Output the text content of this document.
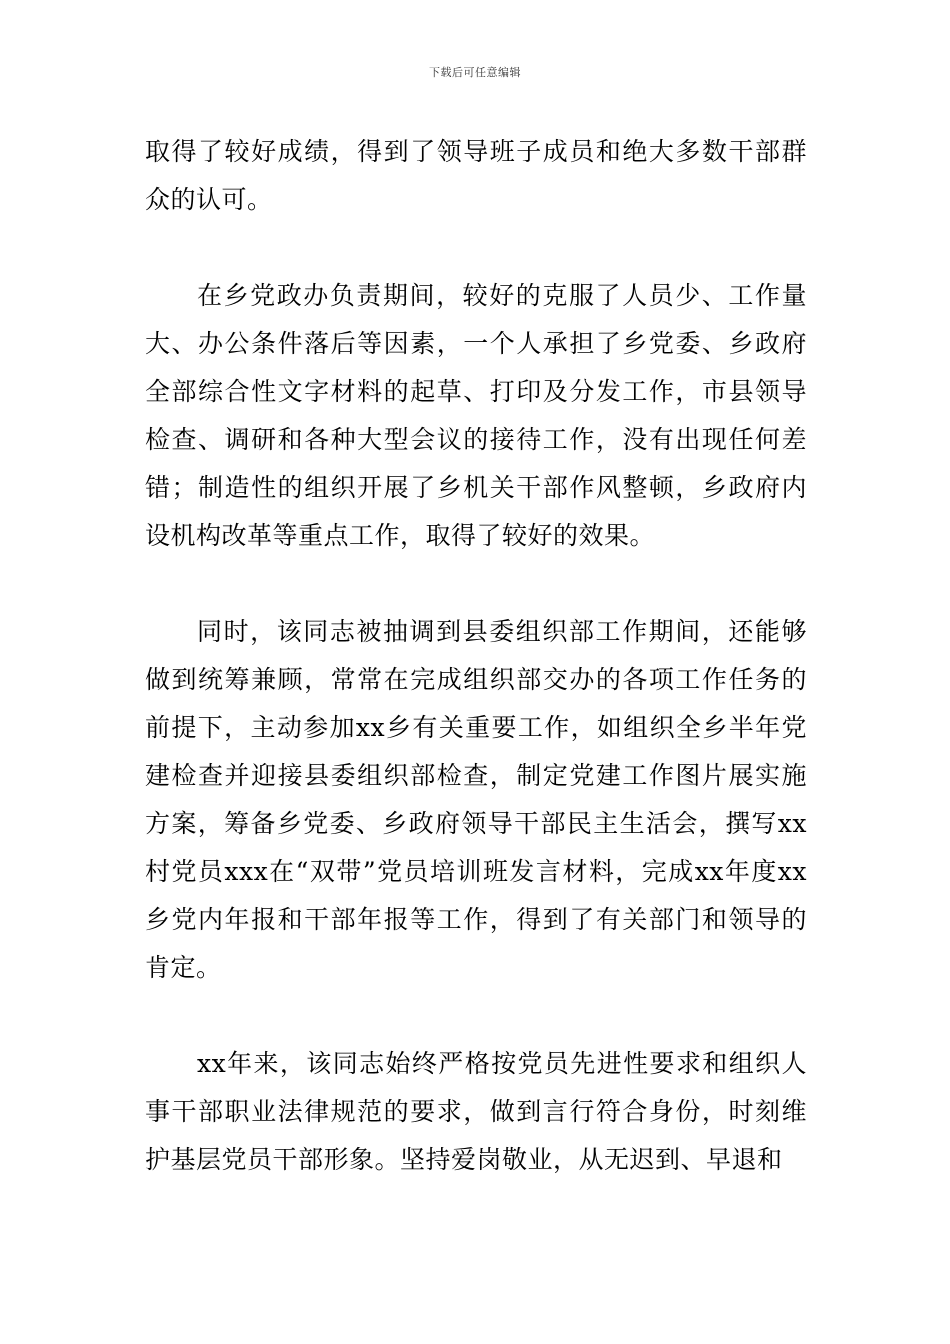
下载后可任意编辑

取得了较好成绩，得到了领导班子成员和绝大多数干部群众的认可。

在乡党政办负责期间，较好的克服了人员少、工作量大、办公条件落后等因素，一个人承担了乡党委、乡政府全部综合性文字材料的起草、打印及分发工作，市县领导检查、调研和各种大型会议的接待工作，没有出现任何差错；制造性的组织开展了乡机关干部作风整顿，乡政府内设机构改革等重点工作，取得了较好的效果。

同时，该同志被抽调到县委组织部工作期间，还能够做到统筹兼顾，常常在完成组织部交办的各项工作任务的前提下，主动参加xx乡有关重要工作，如组织全乡半年党建检查并迎接县委组织部检查，制定党建工作图片展实施方案，筹备乡党委、乡政府领导干部民主生活会，撰写xx村党员xxx在“双带”党员培训班发言材料，完成xx年度xx乡党内年报和干部年报等工作，得到了有关部门和领导的肯定。

xx年来，该同志始终严格按党员先进性要求和组织人事干部职业法律规范的要求，做到言行符合身份，时刻维护基层党员干部形象。坚持爱岗敬业，从无迟到、早退和
